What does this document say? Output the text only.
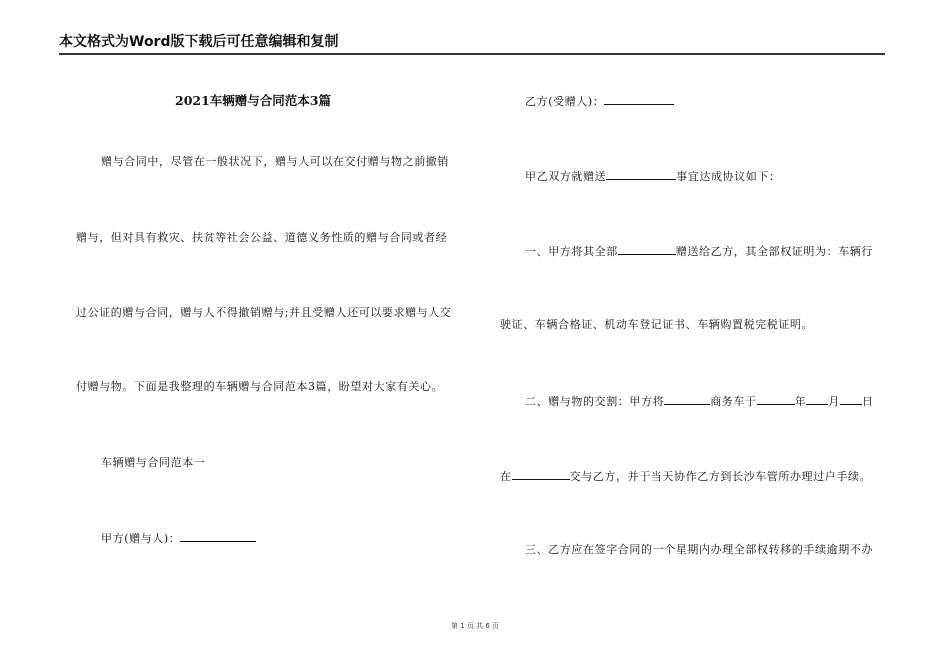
本文格式为Word版下载后可任意编辑和复制
2021车辆赠与合同范本3篇
赠与合同中，尽管在一般状况下，赠与人可以在交付赠与物之前撤销
赠与，但对具有救灾、扶贫等社会公益、道德义务性质的赠与合同或者经
过公证的赠与合同，赠与人不得撤销赠与;并且受赠人还可以要求赠与人交
付赠与物。下面是我整理的车辆赠与合同范本3篇，盼望对大家有关心。
车辆赠与合同范本一
甲方(赠与人)：
乙方(受赠人)：
甲乙双方就赠送	事宜达成协议如下：
一、甲方将其全部	赠送给乙方，其全部权证明为：车辆行
驶证、车辆合格证、机动车登记证书、车辆购置税完税证明。
二、赠与物的交割：甲方将	商务车于	年 月 日
在	交与乙方，并于当天协作乙方到长沙车管所办理过户手续。
三、乙方应在签字合同的一个星期内办理全部权转移的手续逾期不办
第 1 页 共 6 页
